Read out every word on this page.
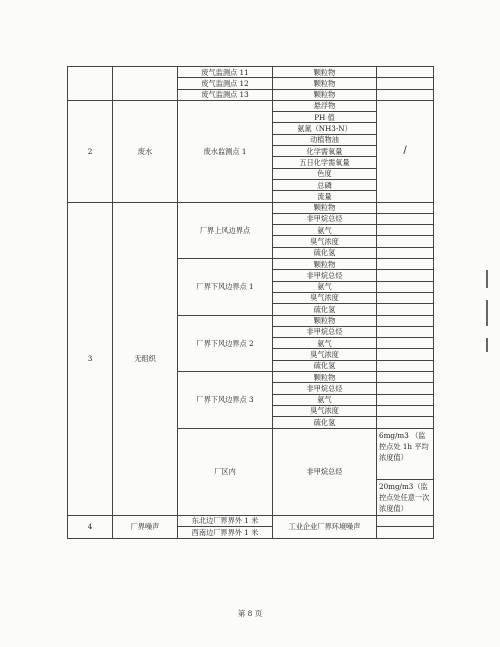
		废气监测点 11	颗粒物	
		废气监测点 12	颗粒物	
		废气监测点 13	颗粒物	
2	废水	废水监测点 1	悬浮物	/
			PH 值	
			氨氮（NH3-N）	
			动植物油	
			化学需氧量	
			五日化学需氧量	
			色度	
			总磷	
			流量	
3	无组织	厂界上风边界点	颗粒物	
			非甲烷总烃	
			氨气	
			臭气浓度	
			硫化氢	
		厂界下风边界点 1	颗粒物	
			非甲烷总烃	
			氨气	
			臭气浓度	
			硫化氢	
		厂界下风边界点 2	颗粒物	
			非甲烷总烃	
			氨气	
			臭气浓度	
			硫化氢	
		厂界下风边界点 3	颗粒物	
			非甲烷总烃	
			氨气	
			臭气浓度	
			硫化氢	
		厂区内	非甲烷总烃	6mg/m3 （监控点处 1h 平均浓度值）
				20mg/m3（监控点处任意一次浓度值）
4	厂界噪声	东北边厂界界外 1 米	工业企业厂界环境噪声	
		西南边厂界界外 1 米		
第 8 页
